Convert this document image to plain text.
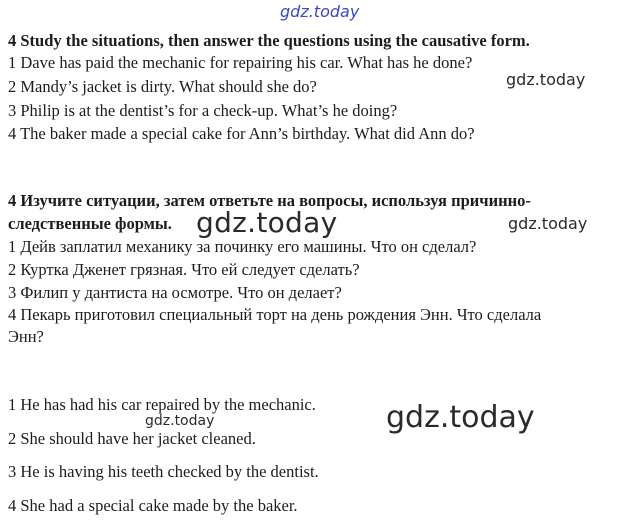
gdz.today
gdz.today
gdz.today	gdz.today
gdz.today	gdz.today
4 Study the situations, then answer the questions using the causative form.
1 Dave has paid the mechanic for repairing his car. What has he done?
2 Mandy’s jacket is dirty. What should she do?
3 Philip is at the dentist’s for a check-up. What’s he doing?
4 The baker made a special cake for Ann’s birthday. What did Ann do?
4 Изучите ситуации, затем ответьте на вопросы, используя причинно-
следственные формы.
1 Дейв заплатил механику за починку его машины. Что он сделал?
2 Куртка Дженет грязная. Что ей следует сделать?
3 Филип у дантиста на осмотре. Что он делает?
4 Пекарь приготовил специальный торт на день рождения Энн. Что сделала
Энн?
1 He has had his car repaired by the mechanic.
2 She should have her jacket cleaned.
3 He is having his teeth checked by the dentist.
4 She had a special cake made by the baker.
